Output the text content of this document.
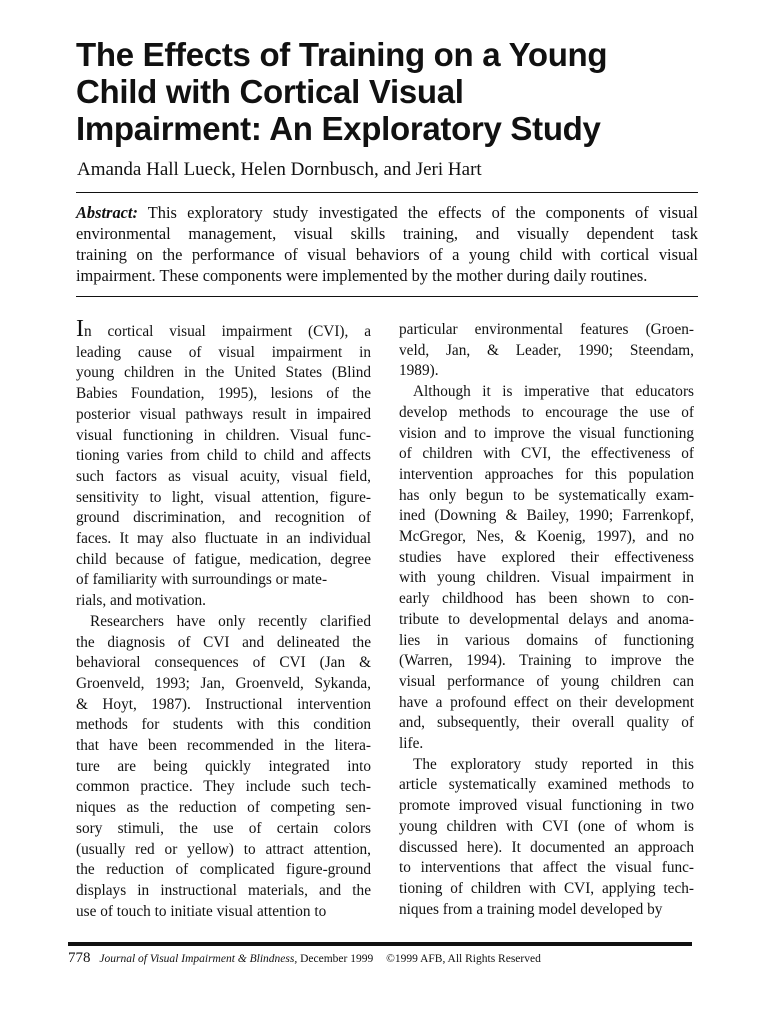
The Effects of Training on a Young
Child with Cortical Visual
Impairment: An Exploratory Study

Amanda Hall Lueck, Helen Dornbusch, and Jeri Hart

Abstract: This exploratory study investigated the effects of the components of visual
environmental management, visual skills training, and visually dependent task
training on the performance of visual behaviors of a young child with cortical visual
impairment. These components were implemented by the mother during daily routines.

In cortical visual impairment (CVI), a
leading cause of visual impairment in
young children in the United States (Blind
Babies Foundation, 1995), lesions of the
posterior visual pathways result in impaired
visual functioning in children. Visual func-
tioning varies from child to child and affects
such factors as visual acuity, visual field,
sensitivity to light, visual attention, figure-
ground discrimination, and recognition of
faces. It may also fluctuate in an individual
child because of fatigue, medication, degree
of familiarity with surroundings or mate-
rials, and motivation.
Researchers have only recently clarified
the diagnosis of CVI and delineated the
behavioral consequences of CVI (Jan &
Groenveld, 1993; Jan, Groenveld, Sykanda,
& Hoyt, 1987). Instructional intervention
methods for students with this condition
that have been recommended in the litera-
ture are being quickly integrated into
common practice. They include such tech-
niques as the reduction of competing sen-
sory stimuli, the use of certain colors
(usually red or yellow) to attract attention,
the reduction of complicated figure-ground
displays in instructional materials, and the
use of touch to initiate visual attention to
particular environmental features (Groen-
veld, Jan, & Leader, 1990; Steendam,
1989).
Although it is imperative that educators
develop methods to encourage the use of
vision and to improve the visual functioning
of children with CVI, the effectiveness of
intervention approaches for this population
has only begun to be systematically exam-
ined (Downing & Bailey, 1990; Farrenkopf,
McGregor, Nes, & Koenig, 1997), and no
studies have explored their effectiveness
with young children. Visual impairment in
early childhood has been shown to con-
tribute to developmental delays and anoma-
lies in various domains of functioning
(Warren, 1994). Training to improve the
visual performance of young children can
have a profound effect on their development
and, subsequently, their overall quality of
life.
The exploratory study reported in this
article systematically examined methods to
promote improved visual functioning in two
young children with CVI (one of whom is
discussed here). It documented an approach
to interventions that affect the visual func-
tioning of children with CVI, applying tech-
niques from a training model developed by
778 Journal of Visual Impairment & Blindness, December 1999 ©1999 AFB, All Rights Reserved
